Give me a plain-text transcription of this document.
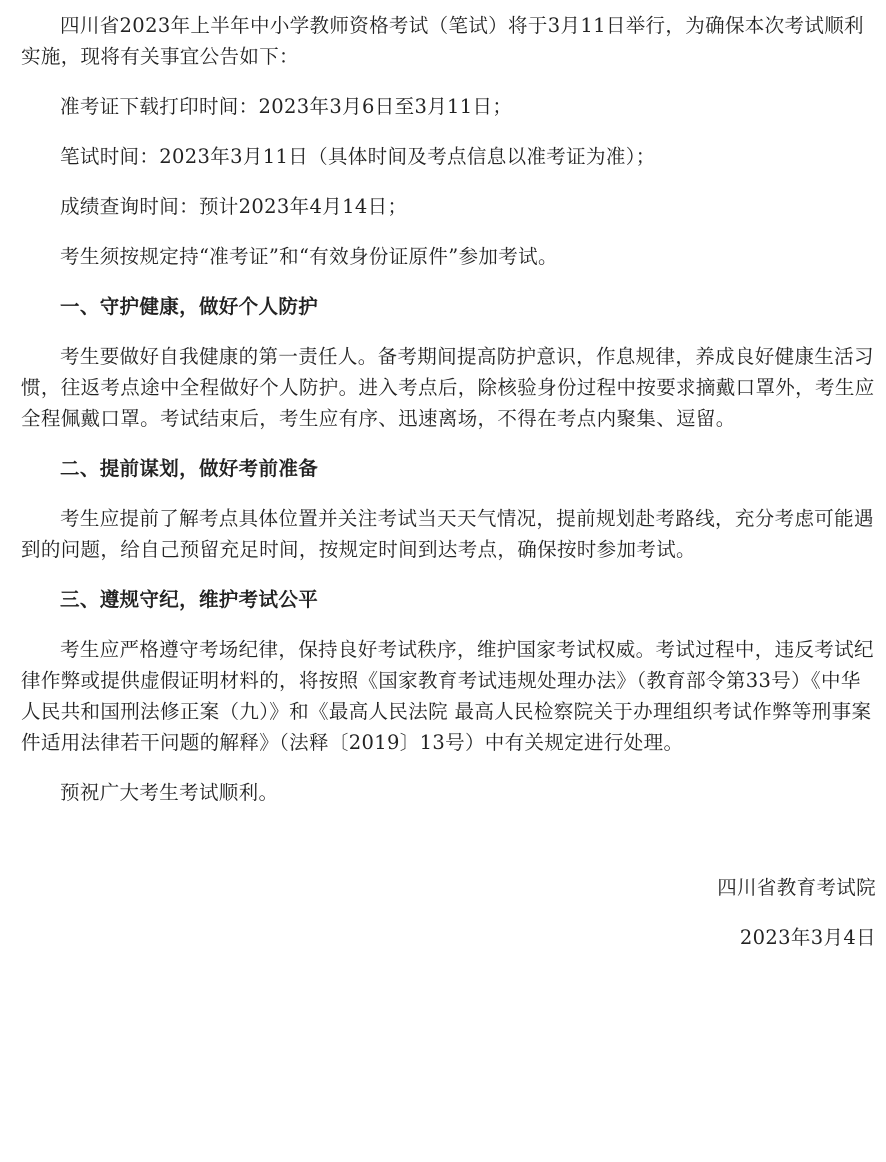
四川省2023年上半年中小学教师资格考试（笔试）将于3月11日举行，为确保本次考试顺利实施，现将有关事宜公告如下：

准考证下载打印时间：2023年3月6日至3月11日；

笔试时间：2023年3月11日（具体时间及考点信息以准考证为准）；

成绩查询时间：预计2023年4月14日；

考生须按规定持“准考证”和“有效身份证原件”参加考试。

一、守护健康，做好个人防护

考生要做好自我健康的第一责任人。备考期间提高防护意识，作息规律，养成良好健康生活习惯，往返考点途中全程做好个人防护。进入考点后，除核验身份过程中按要求摘戴口罩外，考生应全程佩戴口罩。考试结束后，考生应有序、迅速离场，不得在考点内聚集、逗留。

二、提前谋划，做好考前准备

考生应提前了解考点具体位置并关注考试当天天气情况，提前规划赴考路线，充分考虑可能遇到的问题，给自己预留充足时间，按规定时间到达考点，确保按时参加考试。

三、遵规守纪，维护考试公平

考生应严格遵守考场纪律，保持良好考试秩序，维护国家考试权威。考试过程中，违反考试纪律作弊或提供虚假证明材料的，将按照《国家教育考试违规处理办法》（教育部令第33号）《中华人民共和国刑法修正案（九）》和《最高人民法院 最高人民检察院关于办理组织考试作弊等刑事案件适用法律若干问题的解释》（法释〔2019〕13号）中有关规定进行处理。

预祝广大考生考试顺利。

四川省教育考试院

2023年3月4日
